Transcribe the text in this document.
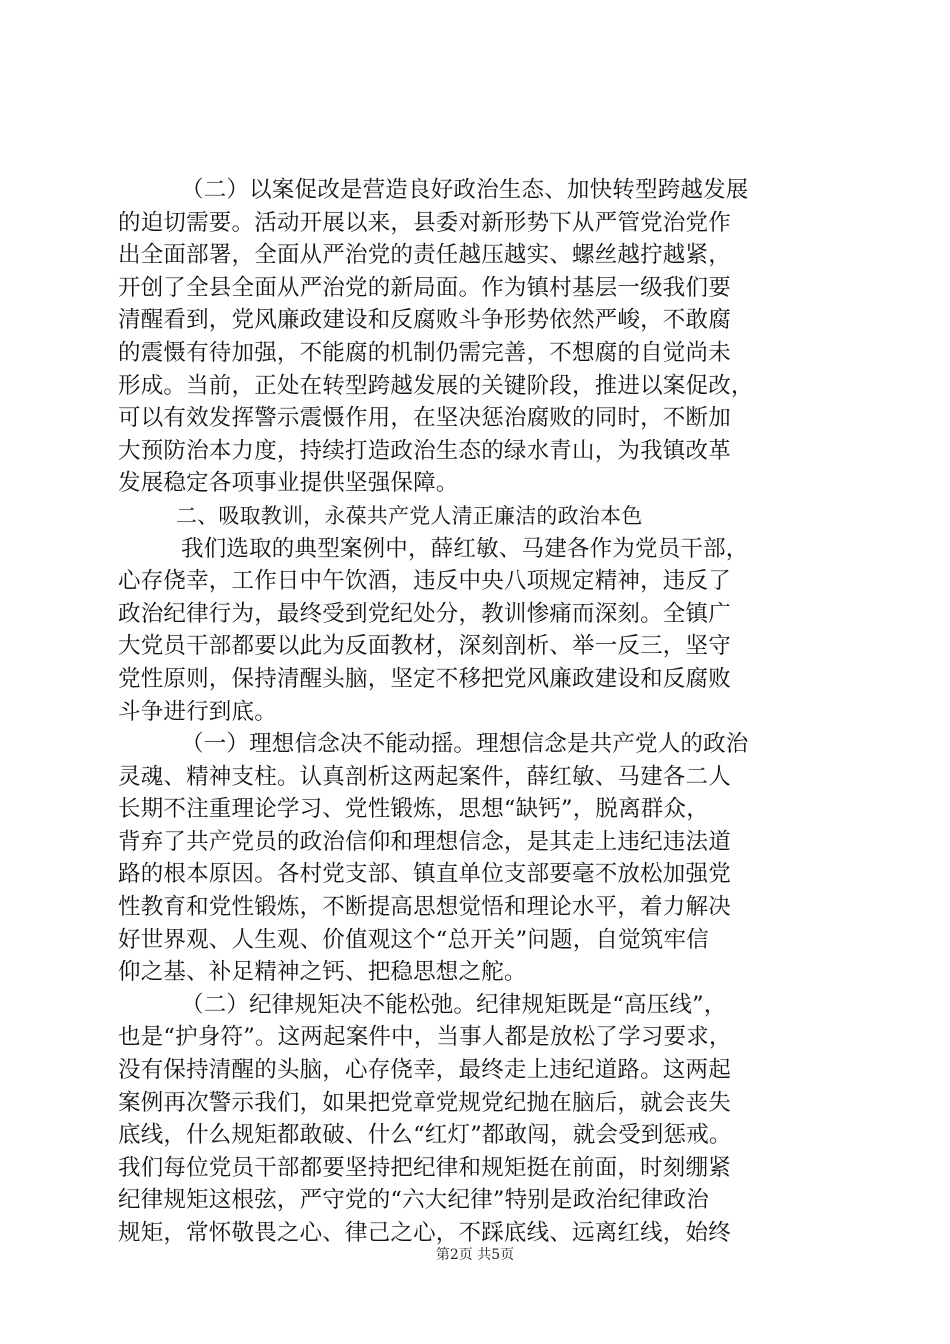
（二）以案促改是营造良好政治生态、加快转型跨越发展
的迫切需要。活动开展以来，县委对新形势下从严管党治党作
出全面部署，全面从严治党的责任越压越实、螺丝越拧越紧，
开创了全县全面从严治党的新局面。作为镇村基层一级我们要
清醒看到，党风廉政建设和反腐败斗争形势依然严峻，不敢腐
的震慑有待加强，不能腐的机制仍需完善，不想腐的自觉尚未
形成。当前，正处在转型跨越发展的关键阶段，推进以案促改，
可以有效发挥警示震慑作用，在坚决惩治腐败的同时，不断加
大预防治本力度，持续打造政治生态的绿水青山，为我镇改革
发展稳定各项事业提供坚强保障。
二、吸取教训，永葆共产党人清正廉洁的政治本色
我们选取的典型案例中，薛红敏、马建各作为党员干部，
心存侥幸，工作日中午饮酒，违反中央八项规定精神，违反了
政治纪律行为，最终受到党纪处分，教训惨痛而深刻。全镇广
大党员干部都要以此为反面教材，深刻剖析、举一反三，坚守
党性原则，保持清醒头脑，坚定不移把党风廉政建设和反腐败
斗争进行到底。
（一）理想信念决不能动摇。理想信念是共产党人的政治
灵魂、精神支柱。认真剖析这两起案件，薛红敏、马建各二人
长期不注重理论学习、党性锻炼，思想“缺钙”，脱离群众，
背弃了共产党员的政治信仰和理想信念，是其走上违纪违法道
路的根本原因。各村党支部、镇直单位支部要毫不放松加强党
性教育和党性锻炼，不断提高思想觉悟和理论水平，着力解决
好世界观、人生观、价值观这个“总开关”问题，自觉筑牢信
仰之基、补足精神之钙、把稳思想之舵。
（二）纪律规矩决不能松弛。纪律规矩既是“高压线”，
也是“护身符”。这两起案件中，当事人都是放松了学习要求，
没有保持清醒的头脑，心存侥幸，最终走上违纪道路。这两起
案例再次警示我们，如果把党章党规党纪抛在脑后，就会丧失
底线，什么规矩都敢破、什么“红灯”都敢闯，就会受到惩戒。
我们每位党员干部都要坚持把纪律和规矩挺在前面，时刻绷紧
纪律规矩这根弦，严守党的“六大纪律”特别是政治纪律政治
规矩，常怀敬畏之心、律己之心，不踩底线、远离红线，始终
第2页 共5页
